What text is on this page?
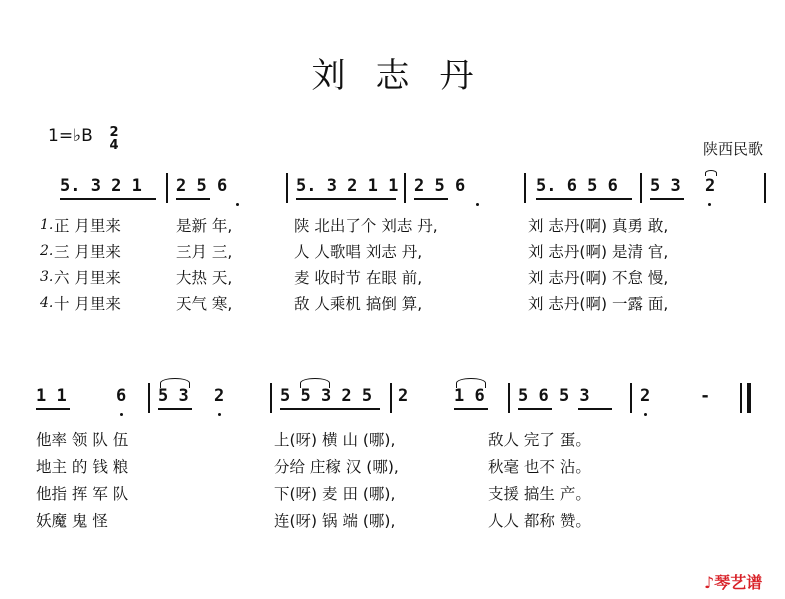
刘志丹
1=♭B 2
4	陕西民歌
5. 3 2 1 2 5 6	5. 3 2 1 1 2 5 6	5. 6 5 6 5 3 2
1. 正 月里来	是新 年,	陕 北出了个 刘志 丹,	刘 志丹(啊) 真勇 敢,
2. 三 月里来	三月 三,	人 人歌唱 刘志 丹,	刘 志丹(啊) 是清 官,
3. 六 月里来	大热 天,	麦 收时节 在眼 前,	刘 志丹(啊) 不怠 慢,
4. 十 月里来	天气 寒,	敌 人乘机 搞倒 算,	刘 志丹(啊) 一露 面,
1 1	6 5 3 2	5 5 3 2 5 2	1 6 5 6 5 3	2	-
他率 领 队 伍	上(呀) 横 山 (哪),	敌人 完了 蛋。
地主 的 钱 粮	分给 庄稼 汉 (哪),	秋毫 也不 沾。
他指 挥 军 队	下(呀) 麦 田 (哪),	支援 搞生 产。
妖魔 鬼 怪	连(呀) 锅 端 (哪),	人人 都称 赞。
♪琴艺谱
